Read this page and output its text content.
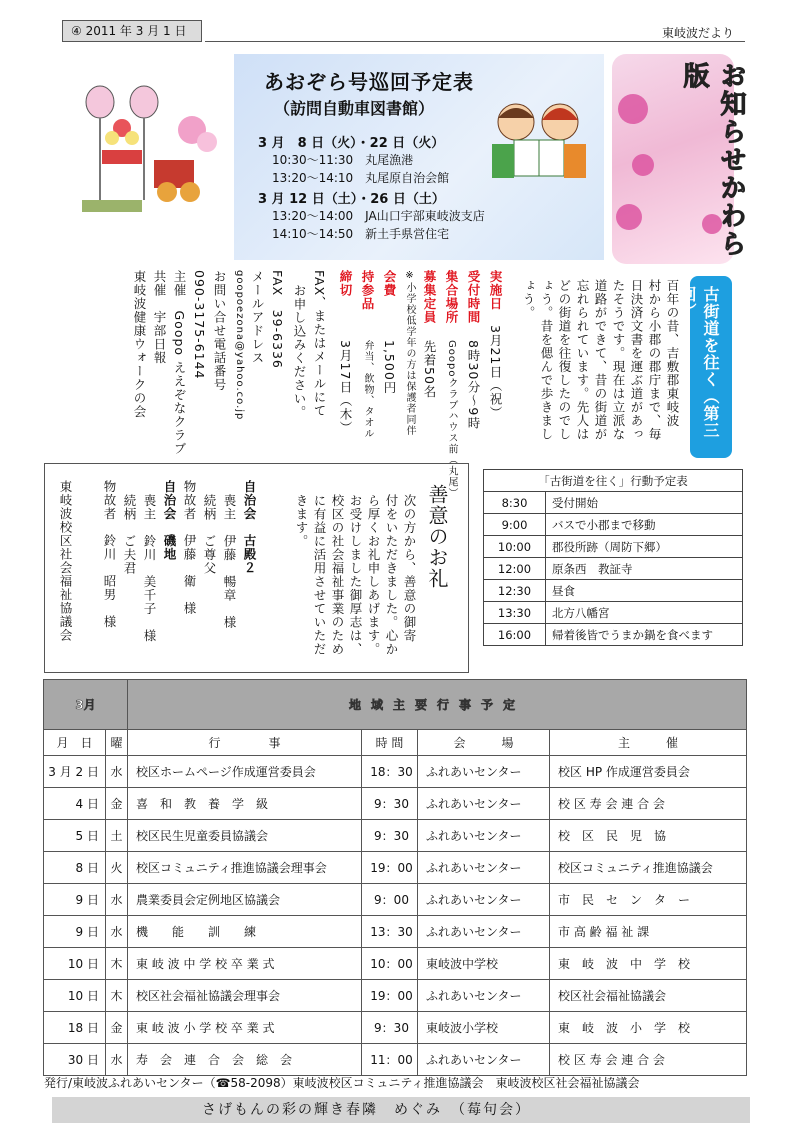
④ 2011 年 3 月 1 日	東岐波だより
あおぞら号巡回予定表
（訪問自動車図書館）
3 月　8 日（火）・22 日（火）
10:30～11:30　丸尾漁港
13:20～14:10　丸尾原自治会館
3 月 12 日（土）・26 日（土）
13:20～14:00　JA山口宇部東岐波支店
14:10～14:50　新土手県営住宅	お知らせかわら版
古街道を往く（第三回）
百年の昔、吉敷郡東岐波
村から小郡の郡庁まで、毎
日決済文書を運ぶ道があっ
たそうです。現在は立派な
道路ができて、昔の街道が
忘れられています。先人は
どの街道を往復したのでし
ょう。昔を偲んで歩きまし
ょう。
実施日
3月21日（祝）
受付時間
8時30分～9時
集合場所
Goopoクラブハウス前（丸尾）
募集定員
先着50名
※小学校低学年の方は保護者同伴
会費
1,500円
持参品
弁当、飲物、タオル
締切
3月17日（木）
FAX、またはメールにて
お申し込みください。
FAX　39-6336
メールアドレス
goopoezona@yahoo.co.jp
お問い合せ電話番号
090-3175-6144
主催　Goopo ええぞなクラブ
共催　宇部日報
東岐波健康ウォークの会
善意のお礼
次の方から、善意の御寄
付をいただきました。心か
ら厚くお礼申しあげます。
お受けしました御厚志は、
校区の社会福祉事業のため
に有益に活用させていただ
きます。
自治会　古殿２
喪主　伊藤　暢章　様
続柄　ご尊父
物故者　伊藤　衛　様
自治会　磯地
喪主　鈴川　美千子　様
続柄　ご夫君
物故者　鈴川　昭男　様
東岐波校区社会福祉協議会	「古街道を往く」行動予定表	
8:30	受付開始
9:00	バスで小郡まで移動
10:00	郡役所跡（周防下郷）
12:00	原条西　教証寺
12:30	昼食
13:30	北方八幡宮
16:00	帰着後皆でうまか鍋を食べます
3月		地域主要行事予定			
月　日	曜	行　　　　事	時 間	会　　　場	主　　　催
3 月 2 日	水	校区ホームページ作成運営委員会	18：30	ふれあいセンター	校区 HP 作成運営委員会
4 日	金	喜　和　教　養　学　級	9：30	ふれあいセンター	校 区 寿 会 連 合 会
5 日	土	校区民生児童委員協議会	9：30	ふれあいセンター	校　区　民　児　協
8 日	火	校区コミュニティ推進協議会理事会	19：00	ふれあいセンター	校区コミュニティ推進協議会
9 日	水	農業委員会定例地区協議会	9：00	ふれあいセンター	市　民　セ　ン　タ　ー
9 日	水	機　　能　　訓　　練	13：30	ふれあいセンター	市 高 齢 福 祉 課
10 日	木	東 岐 波 中 学 校 卒 業 式	10：00	東岐波中学校	東　岐　波　中　学　校
10 日	木	校区社会福祉協議会理事会	19：00	ふれあいセンター	校区社会福祉協議会
18 日	金	東 岐 波 小 学 校 卒 業 式	9：30	東岐波小学校	東　岐　波　小　学　校
30 日	水	寿　会　連　合　会　総　会	11：00	ふれあいセンター	校 区 寿 会 連 合 会
発行/東岐波ふれあいセンター（☎58-2098）東岐波校区コミュニティ推進協議会　東岐波校区社会福祉協議会
さげもんの彩の輝き春隣　めぐみ　（莓句会）
